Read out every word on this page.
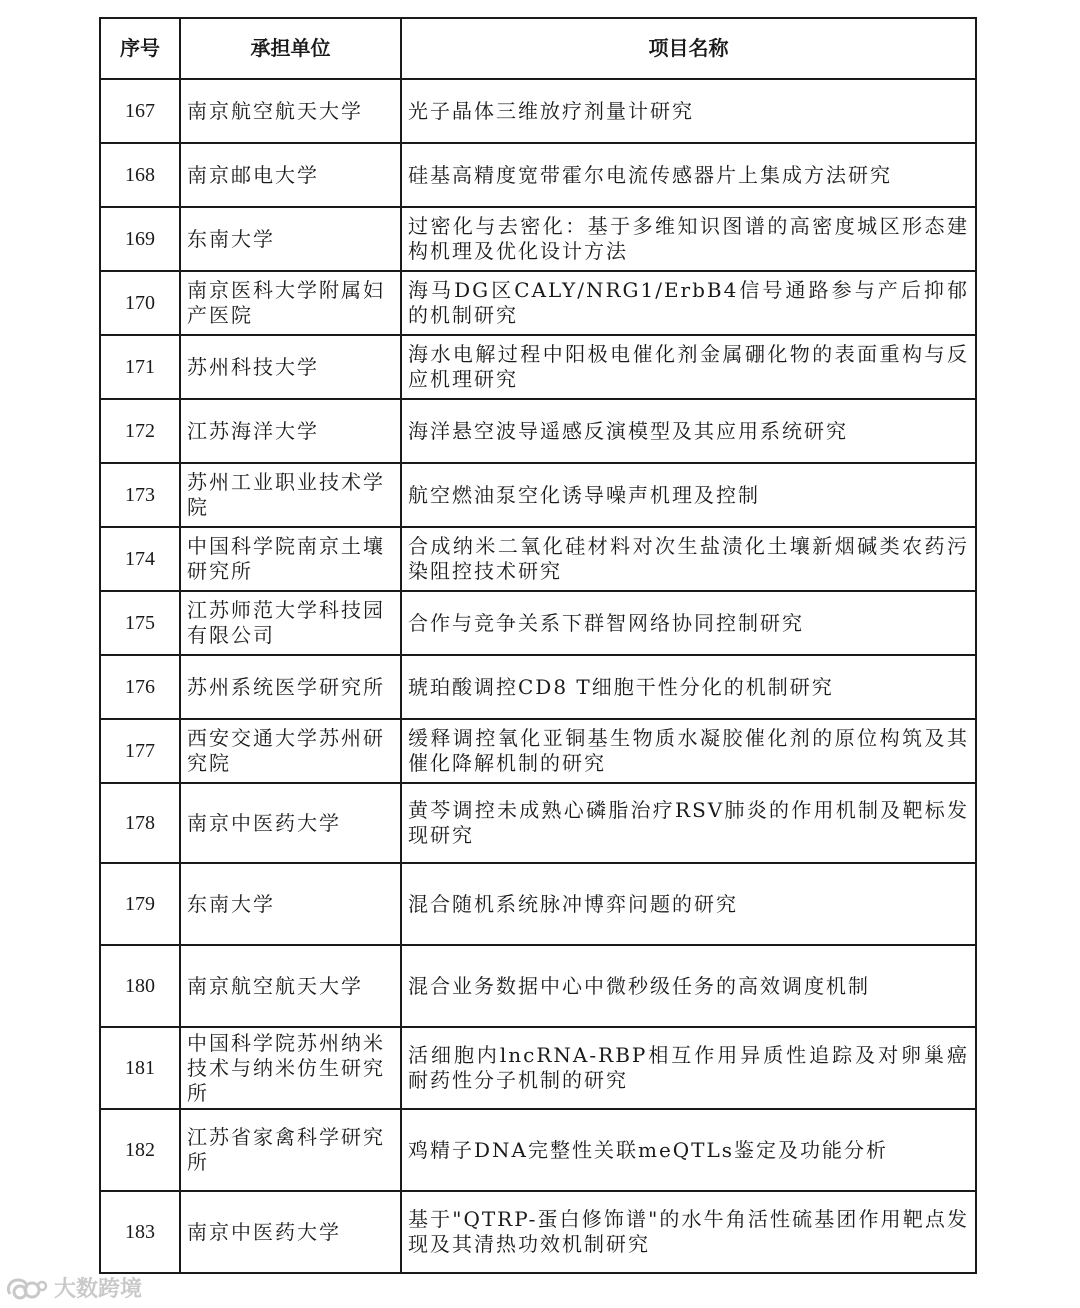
序号	承担单位	项目名称
167	南京航空航天大学	光子晶体三维放疗剂量计研究
168	南京邮电大学	硅基高精度宽带霍尔电流传感器片上集成方法研究
169	东南大学	过密化与去密化：基于多维知识图谱的高密度城区形态建构机理及优化设计方法
170	南京医科大学附属妇产医院	海马DG区CALY/NRG1/ErbB4信号通路参与产后抑郁的机制研究
171	苏州科技大学	海水电解过程中阳极电催化剂金属硼化物的表面重构与反应机理研究
172	江苏海洋大学	海洋悬空波导遥感反演模型及其应用系统研究
173	苏州工业职业技术学院	航空燃油泵空化诱导噪声机理及控制
174	中国科学院南京土壤研究所	合成纳米二氧化硅材料对次生盐渍化土壤新烟碱类农药污染阻控技术研究
175	江苏师范大学科技园有限公司	合作与竞争关系下群智网络协同控制研究
176	苏州系统医学研究所	琥珀酸调控CD8 T细胞干性分化的机制研究
177	西安交通大学苏州研究院	缓释调控氧化亚铜基生物质水凝胶催化剂的原位构筑及其催化降解机制的研究
178	南京中医药大学	黄芩调控未成熟心磷脂治疗RSV肺炎的作用机制及靶标发现研究
179	东南大学	混合随机系统脉冲博弈问题的研究
180	南京航空航天大学	混合业务数据中心中微秒级任务的高效调度机制
181	中国科学院苏州纳米技术与纳米仿生研究所	活细胞内lncRNA-RBP相互作用异质性追踪及对卵巢癌耐药性分子机制的研究
182	江苏省家禽科学研究所	鸡精子DNA完整性关联meQTLs鉴定及功能分析
183	南京中医药大学	基于"QTRP-蛋白修饰谱"的水牛角活性硫基团作用靶点发现及其清热功效机制研究
大数跨境
